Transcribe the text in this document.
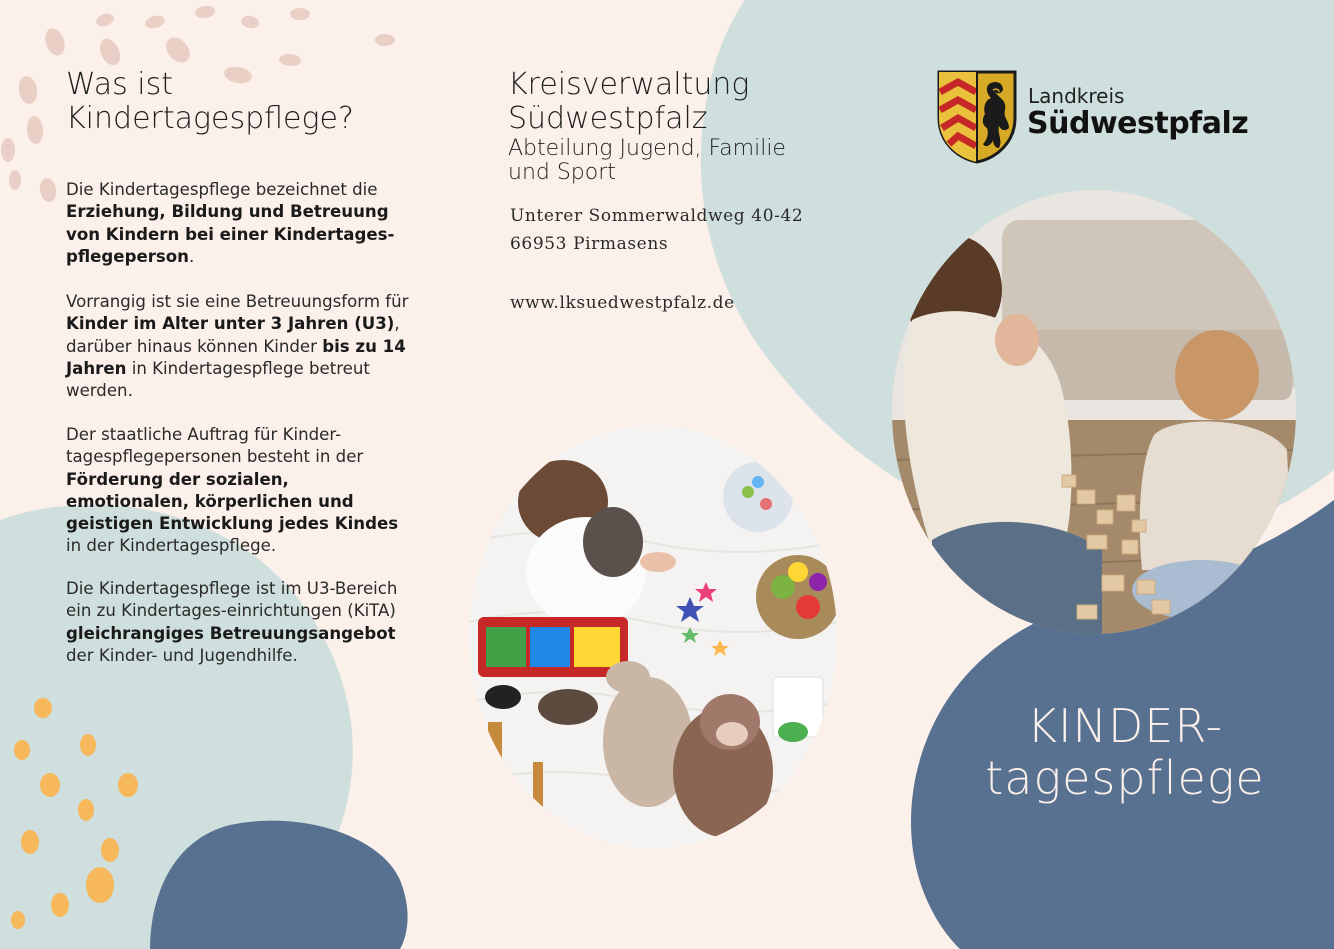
Was ist Kindertagespflege?

Die Kindertagespflege bezeichnet die Erziehung, Bildung und Betreuung von Kindern bei einer Kindertages-pflegeperson.

Vorrangig ist sie eine Betreuungsform für Kinder im Alter unter 3 Jahren (U3), darüber hinaus können Kinder bis zu 14 Jahren in Kindertagespflege betreut werden.

Der staatliche Auftrag für Kinder-tagespflegepersonen besteht in der Förderung der sozialen, emotionalen, körperlichen und geistigen Entwicklung jedes Kindes in der Kindertagespflege.

Die Kindertagespflege ist im U3-Bereich ein zu Kindertages-einrichtungen (KiTA) gleichrangiges Betreuungsangebot der Kinder- und Jugendhilfe.

Kreisverwaltung Südwestpfalz
Abteilung Jugend, Familie und Sport

Unterer Sommerwaldweg 40-42

66953 Pirmasens

www.lksuedwestpfalz.de

Landkreis

Südwestpfalz

KINDER-
tagespflege
